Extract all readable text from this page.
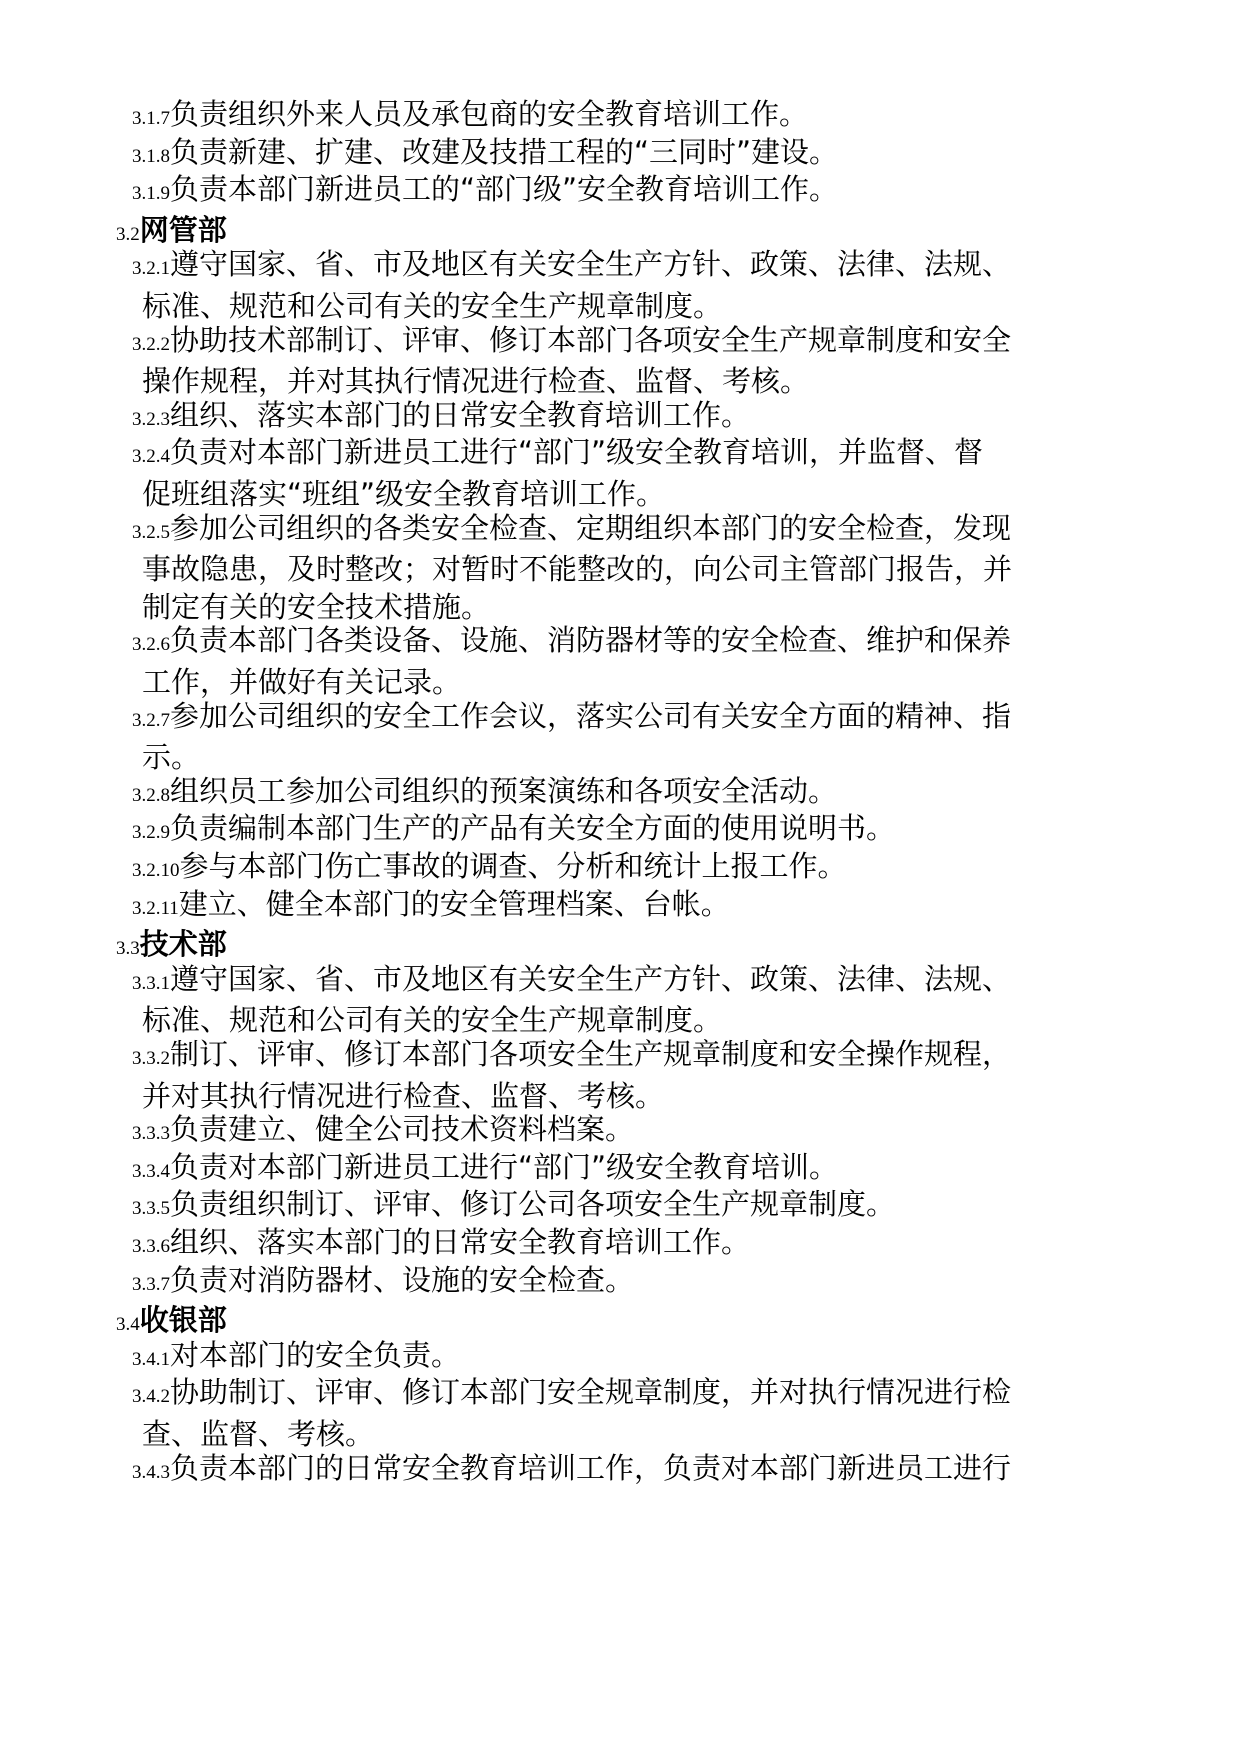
3.1.7负责组织外来人员及承包商的安全教育培训工作。
3.1.8负责新建、扩建、改建及技措工程的“三同时”建设。
3.1.9负责本部门新进员工的“部门级”安全教育培训工作。
3.2网管部
3.2.1遵守国家、省、市及地区有关安全生产方针、政策、法律、法规、
标准、规范和公司有关的安全生产规章制度。
3.2.2协助技术部制订、评审、修订本部门各项安全生产规章制度和安全
操作规程，并对其执行情况进行检查、监督、考核。
3.2.3组织、落实本部门的日常安全教育培训工作。
3.2.4负责对本部门新进员工进行“部门”级安全教育培训，并监督、督
促班组落实“班组”级安全教育培训工作。
3.2.5参加公司组织的各类安全检查、定期组织本部门的安全检查，发现
事故隐患，及时整改；对暂时不能整改的，向公司主管部门报告，并
制定有关的安全技术措施。
3.2.6负责本部门各类设备、设施、消防器材等的安全检查、维护和保养
工作，并做好有关记录。
3.2.7参加公司组织的安全工作会议，落实公司有关安全方面的精神、指
示。
3.2.8组织员工参加公司组织的预案演练和各项安全活动。
3.2.9负责编制本部门生产的产品有关安全方面的使用说明书。
3.2.10参与本部门伤亡事故的调查、分析和统计上报工作。
3.2.11建立、健全本部门的安全管理档案、台帐。
3.3技术部
3.3.1遵守国家、省、市及地区有关安全生产方针、政策、法律、法规、
标准、规范和公司有关的安全生产规章制度。
3.3.2制订、评审、修订本部门各项安全生产规章制度和安全操作规程，
并对其执行情况进行检查、监督、考核。
3.3.3负责建立、健全公司技术资料档案。
3.3.4负责对本部门新进员工进行“部门”级安全教育培训。
3.3.5负责组织制订、评审、修订公司各项安全生产规章制度。
3.3.6组织、落实本部门的日常安全教育培训工作。
3.3.7负责对消防器材、设施的安全检查。
3.4收银部
3.4.1对本部门的安全负责。
3.4.2协助制订、评审、修订本部门安全规章制度，并对执行情况进行检
查、监督、考核。
3.4.3负责本部门的日常安全教育培训工作，负责对本部门新进员工进行
